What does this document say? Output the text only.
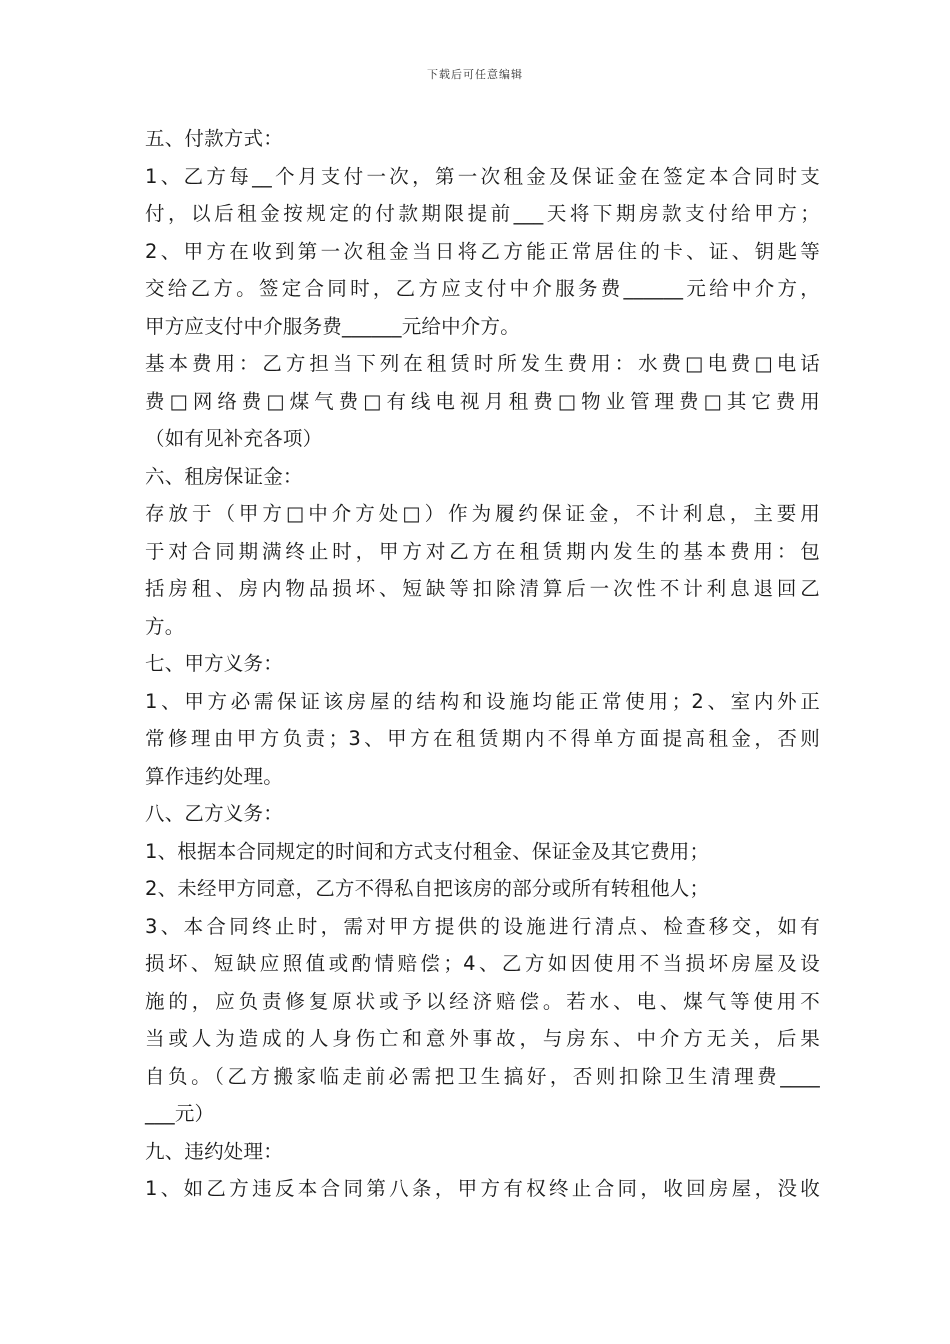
下载后可任意编辑
五、付款方式：
1、乙方每__个月支付一次，第一次租金及保证金在签定本合同时支
付，以后租金按规定的付款期限提前___天将下期房款支付给甲方；
2、甲方在收到第一次租金当日将乙方能正常居住的卡、证、钥匙等
交给乙方。签定合同时，乙方应支付中介服务费______元给中介方，
甲方应支付中介服务费______元给中介方。
基本费用：乙方担当下列在租赁时所发生费用：水费□电费□电话
费□网络费□煤气费□有线电视月租费□物业管理费□其它费用
（如有见补充各项）
六、租房保证金：
存放于（甲方□中介方处□）作为履约保证金，不计利息，主要用
于对合同期满终止时，甲方对乙方在租赁期内发生的基本费用：包
括房租、房内物品损坏、短缺等扣除清算后一次性不计利息退回乙
方。
七、甲方义务：
1、甲方必需保证该房屋的结构和设施均能正常使用；2、室内外正
常修理由甲方负责；3、甲方在租赁期内不得单方面提高租金，否则
算作违约处理。
八、乙方义务：
1、根据本合同规定的时间和方式支付租金、保证金及其它费用；
2、未经甲方同意，乙方不得私自把该房的部分或所有转租他人；
3、本合同终止时，需对甲方提供的设施进行清点、检查移交，如有
损坏、短缺应照值或酌情赔偿；4、乙方如因使用不当损坏房屋及设
施的，应负责修复原状或予以经济赔偿。若水、电、煤气等使用不
当或人为造成的人身伤亡和意外事故，与房东、中介方无关，后果
自负。（乙方搬家临走前必需把卫生搞好，否则扣除卫生清理费____
___元）
九、违约处理：
1、如乙方违反本合同第八条，甲方有权终止合同，收回房屋，没收
